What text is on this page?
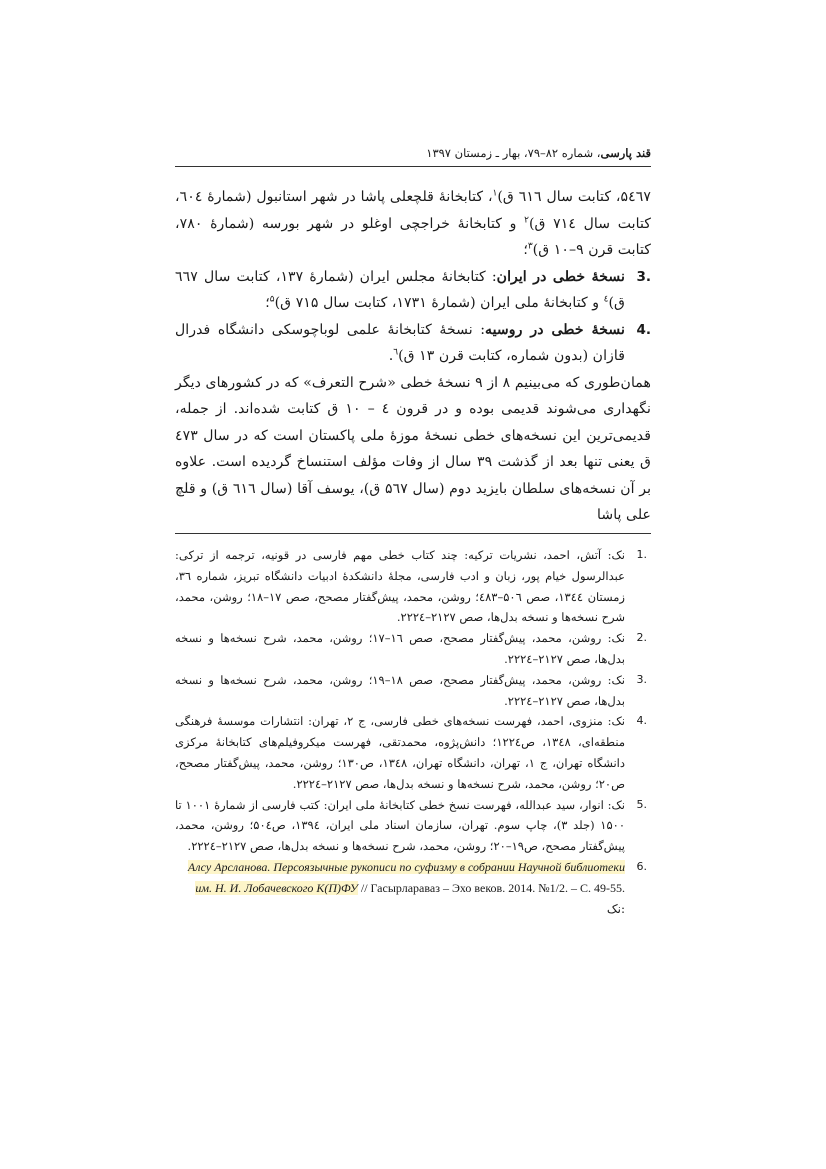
قند پارسی، شماره ۸۲–۷۹، بهار ـ زمستان ۱۳۹۷

۵٤٦۷، کتابت سال ٦۱٦ ق)$^۱$، کتابخانهٔ قلچعلی پاشا در شهر استانبول (شمارهٔ ٦۰٤، کتابت سال ۷۱٤ ق)$^۲$ و کتابخانهٔ خراجچی اوغلو در شهر بورسه (شمارهٔ ۷۸۰، کتابت قرن ۹–۱۰ ق)$^۳$؛

3.
نسخهٔ خطی در ایران: کتابخانهٔ مجلس ایران (شمارهٔ ۱۳۷، کتابت سال ٦٦۷ ق)$^٤$ و کتابخانهٔ ملی ایران (شمارهٔ ۱۷۳۱، کتابت سال ۷۱۵ ق)$^۵$؛
4.
نسخهٔ خطی در روسیه: نسخهٔ کتابخانهٔ علمی لوباچوسکی دانشگاه فدرال قازان (بدون شماره، کتابت قرن ۱۳ ق)$^٦$.

همان‌طوری که می‌بینیم ۸ از ۹ نسخهٔ خطی «شرح التعرف» که در کشورهای دیگر نگهداری می‌شوند قدیمی بوده و در قرون ٤ – ۱۰ ق کتابت شده‌اند. از جمله، قدیمی‌ترین این نسخه‌های خطی نسخهٔ موزهٔ ملی پاکستان است که در سال ٤۷۳ ق یعنی تنها بعد از گذشت ۳۹ سال از وفات مؤلف استنساخ گردیده است. علاوه بر آن نسخه‌های سلطان بایزید دوم (سال ۵٦۷ ق)، یوسف آقا (سال ٦۱٦ ق) و قلچ علی پاشا

1.
نک: آتش، احمد، نشریات ترکیه: چند کتاب خطی مهم فارسی در قونیه، ترجمه از ترکی: عبدالرسول خیام پور، زبان و ادب فارسی، مجلهٔ دانشکدهٔ ادبیات دانشگاه تبریز، شماره ۳٦، زمستان ۱۳٤٤، صص ۵۰٦–٤۸۳؛ روشن، محمد، پیش‌گفتار مصحح، صص ۱۷–۱۸؛ روشن، محمد، شرح نسخه‌ها و نسخه بدل‌ها، صص ۲۱۲۷–۲۲۲٤.
2.
نک: روشن، محمد، پیش‌گفتار مصحح، صص ۱٦–۱۷؛ روشن، محمد، شرح نسخه‌ها و نسخه بدل‌ها، صص ۲۱۲۷–۲۲۲٤.
3.
نک: روشن، محمد، پیش‌گفتار مصحح، صص ۱۸–۱۹؛ روشن، محمد، شرح نسخه‌ها و نسخه بدل‌ها، صص ۲۱۲۷–۲۲۲٤.
4.
نک: منزوی، احمد، فهرست نسخه‌های خطی فارسی، ج ۲، تهران: انتشارات موسسهٔ فرهنگی منطقه‌ای، ۱۳٤۸، ص۱۲۲٤؛ دانش‌پژوه، محمدتقی، فهرست میکروفیلم‌های کتابخانهٔ مرکزی دانشگاه تهران، ج ۱، تهران، دانشگاه تهران، ۱۳٤۸، ص۱۳۰؛ روشن، محمد، پیش‌گفتار مصحح، ص۲۰؛ روشن، محمد، شرح نسخه‌ها و نسخه بدل‌ها، صص ۲۱۲۷–۲۲۲٤.
5.
نک: انوار، سید عبدالله، فهرست نسخ خطی کتابخانهٔ ملی ایران: کتب فارسی از شمارهٔ ۱۰۰۱ تا ۱۵۰۰ (جلد ۳)، چاپ سوم. تهران، سازمان اسناد ملی ایران، ۱۳۹٤، ص۵۰٤؛ روشن، محمد، پیش‌گفتار مصحح، ص۱۹–۲۰؛ روشن، محمد، شرح نسخه‌ها و نسخه بدل‌ها، صص ۲۱۲۷–۲۲۲٤.
6.
Алсу Арсланова. Персоязычные рукописи по суфизму в собрании Научной библиотеки им. Н. И. Лобачевского К(П)ФУ // Гасырлараваз – Эхо веков. 2014. №1/2. – С. 49-55. نک:
